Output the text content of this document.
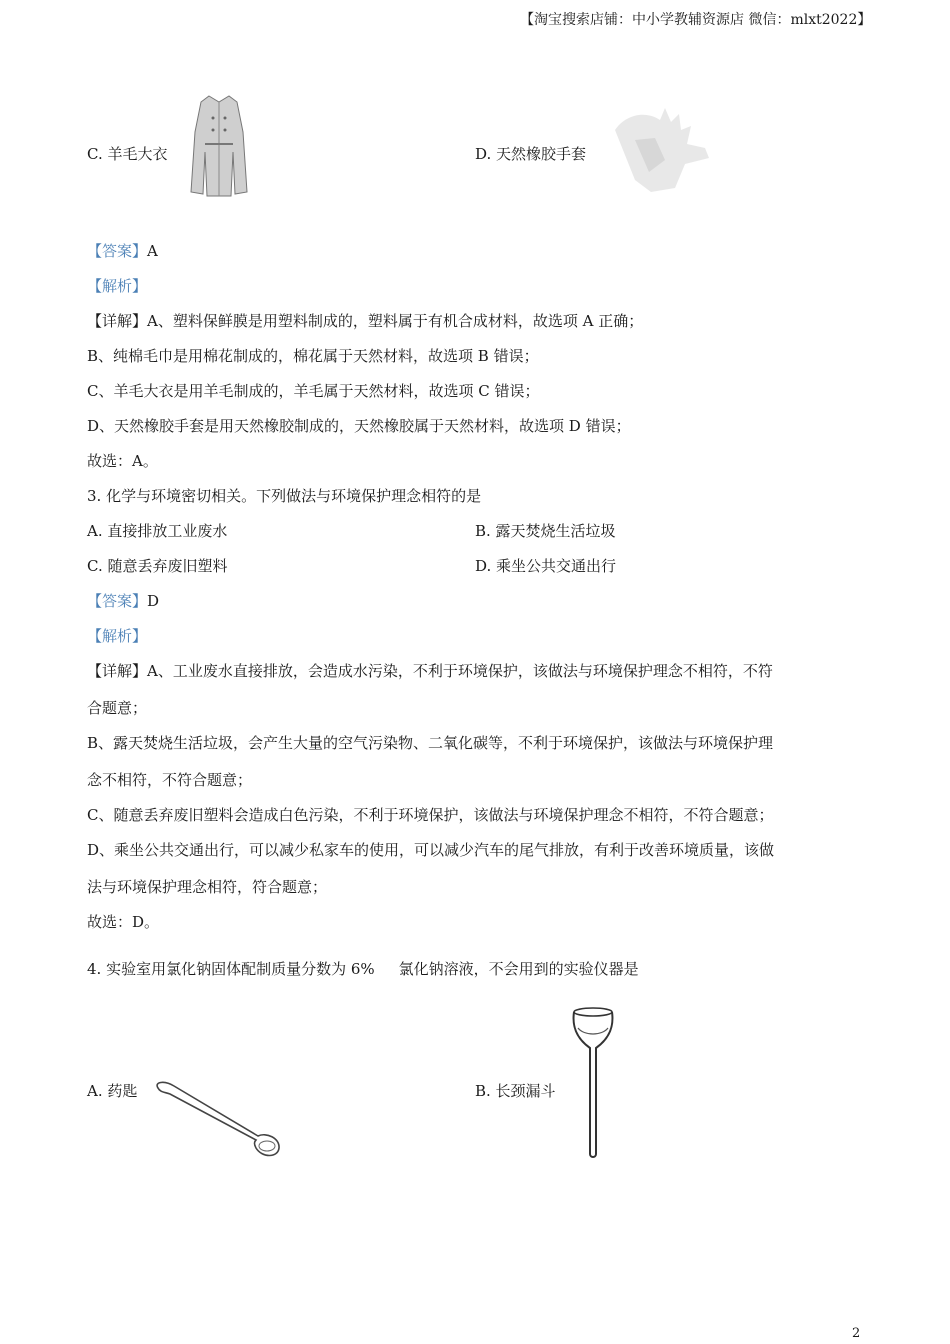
【淘宝搜索店铺：中小学教辅资源店 微信：mlxt2022】
C. 羊毛大衣	D. 天然橡胶手套
【答案】A
【解析】
【详解】A、塑料保鲜膜是用塑料制成的，塑料属于有机合成材料，故选项 A 正确；
B、纯棉毛巾是用棉花制成的，棉花属于天然材料，故选项 B 错误；
C、羊毛大衣是用羊毛制成的，羊毛属于天然材料，故选项 C 错误；
D、天然橡胶手套是用天然橡胶制成的，天然橡胶属于天然材料，故选项 D 错误；
故选：A。
3. 化学与环境密切相关。下列做法与环境保护理念相符的是
A. 直接排放工业废水	B. 露天焚烧生活垃圾
C. 随意丢弃废旧塑料	D. 乘坐公共交通出行
【答案】D
【解析】
【详解】A、工业废水直接排放，会造成水污染，不利于环境保护，该做法与环境保护理念不相符，不符
合题意；
B、露天焚烧生活垃圾，会产生大量的空气污染物、二氧化碳等，不利于环境保护，该做法与环境保护理
念不相符，不符合题意；
C、随意丢弃废旧塑料会造成白色污染，不利于环境保护，该做法与环境保护理念不相符，不符合题意；
D、乘坐公共交通出行，可以减少私家车的使用，可以减少汽车的尾气排放，有利于改善环境质量，该做
法与环境保护理念相符，符合题意；
故选：D。
4. 实验室用氯化钠固体配制质量分数为 6% 氯化钠溶液，不会用到的实验仪器是
A. 药匙	B. 长颈漏斗
2
